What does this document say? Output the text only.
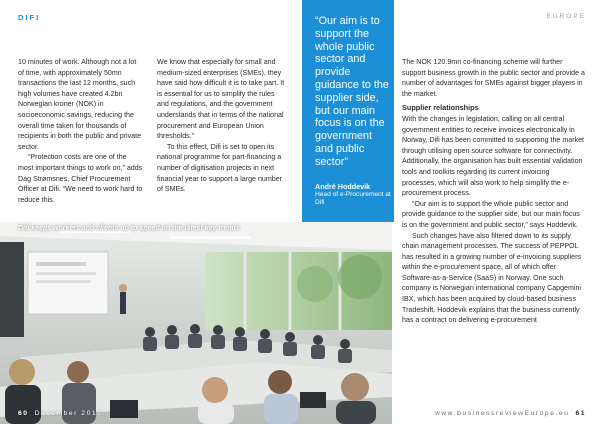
DIFI

10 minutes of work. Although not a lot of time, with approximately 50mn transactions the last 12 months, such high volumes have created 4.2bn Norwegian kroner (NOK) in socioeconomic savings, reducing the overall time taken for thousands of recipients in both the public and private sector.

“Protection costs are one of the most important things to work on,” adds Dag Strømsnes, Chief Procurement Officer at Difi. “We need to work hard to reduce this.

We know that especially for small and medium-sized enterprises (SMEs), they have said how difficult it is to take part. It is essential for us to simplify the rules and regulations, and the government understands that in terms of the national procurement and European Union thresholds.”

To this effect, Difi is set to open its national programme for part-financing a number of digitisation projects in next financial year to support a large number of SMEs.

Difi keeps workers and clients up to speed on the latest key trends
“Our aim is to support the whole public sector and provide guidance to the supplier side, but our main focus is on the government and public sector”
André Hoddevik
Head of e-Procurement at Difi
EUROPE

The NOK 120.9mn co-financing scheme will further support business growth in the public sector and provide a number of advantages for SMEs against bigger players in the market.

Supplier relationships

With the changes in legislation, calling on all central government entities to receive invoices electronically in Norway, Difi has been committed to supporting the market through utilising open source software for connectivity. Additionally, the organisation has built essential validation tools and toolkits regarding its current invoicing processes, which will also work to help simplify the e-procurement process.

“Our aim is to support the whole public sector and provide guidance to the supplier side, but our main focus is on the government and public sector,” says Hoddevik.

Such changes have also filtered down to its supply chain management processes. The success of PEPPOL has resulted in a growing number of e-invoicing suppliers within the e-procurement space, all of which offer Software-as-a-Service (SaaS) in Norway. One such company is Norwegian international company Capgemini IBX, which has been acquired by cloud-based business Tradeshift. Hoddevik explains that the business currently has a contract on delivering e-procurement

60 December 2017	www.businessreviewEurope.eu 61
